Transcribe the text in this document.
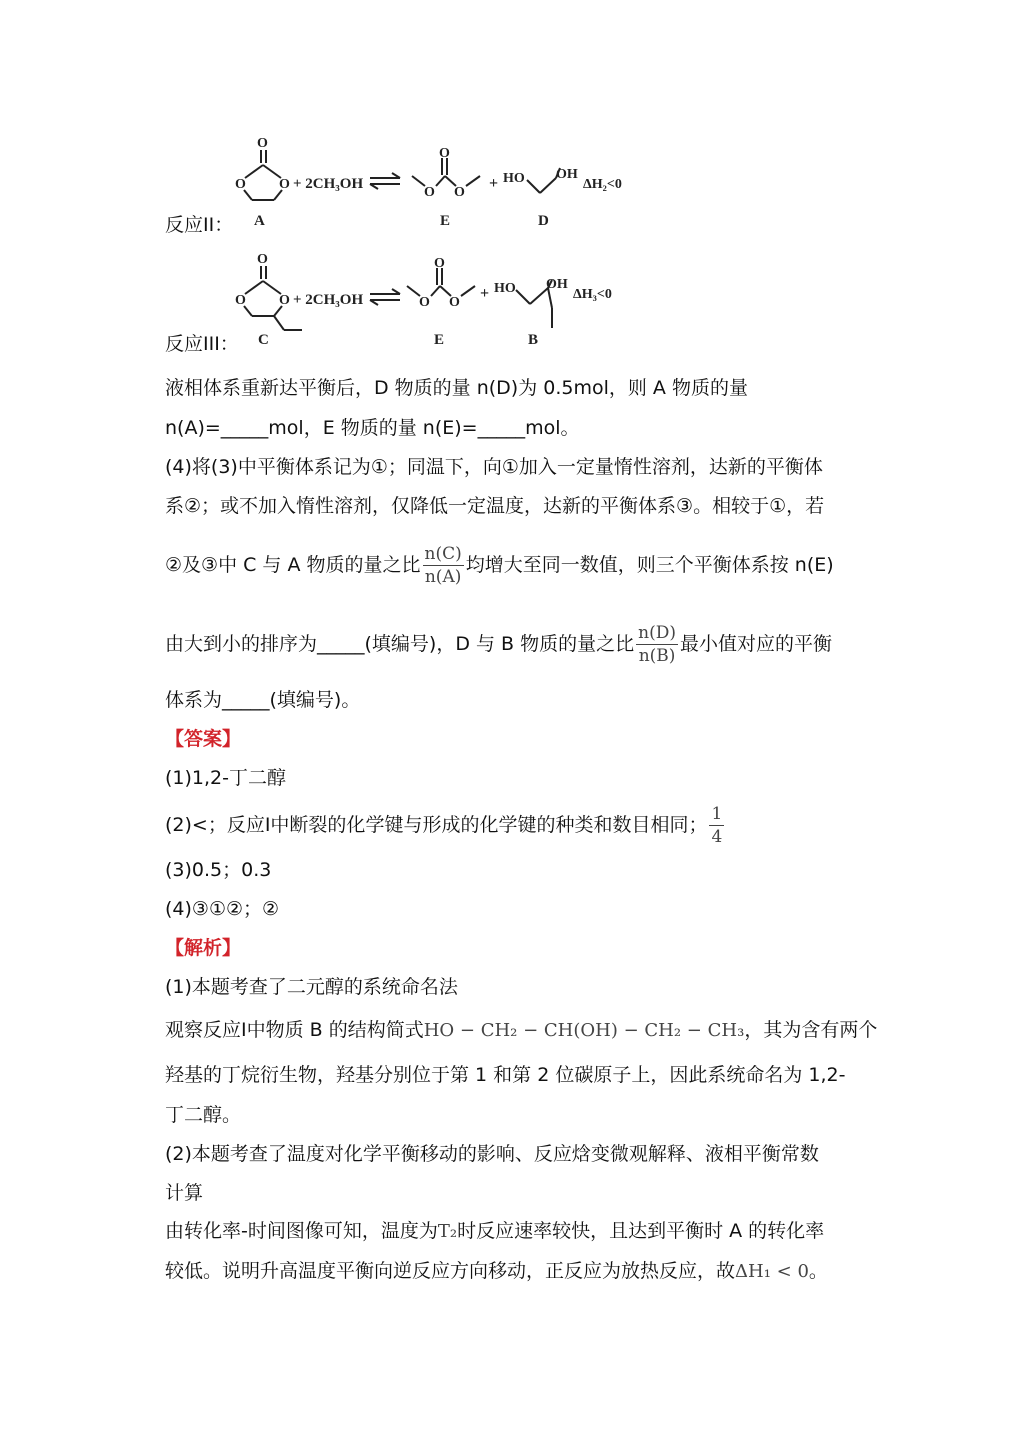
O
O O
A
+ 2CH₃OH
O
O
O
E
+ HO OH
D
ΔH₂<0
反应II：
O
O O
C
+ 2CH₃OH	O
O
O
E
+ HO OH
B
ΔH₃<0
反应III：
液相体系重新达平衡后，D 物质的量 n(D)为 0.5mol，则 A 物质的量
n(A)=_____mol，E 物质的量 n(E)=_____mol。
(4)将(3)中平衡体系记为①；同温下，向①加入一定量惰性溶剂，达新的平衡体
系②；或不加入惰性溶剂，仅降低一定温度，达新的平衡体系③。相较于①，若
②及③中 C 与 A 物质的量之比 $\frac{n(C)}{n(A)}$ 均增大至同一数值，则三个平衡体系按 n(E)
由大到小的排序为_____(填编号)，D 与 B 物质的量之比 $\frac{n(D)}{n(B)}$ 最小值对应的平衡
体系为_____(填编号)。
【答案】
(1)1,2-丁二醇
(2)<；反应I中断裂的化学键与形成的化学键的种类和数目相同； $\frac{1}{4}$
(3)0.5；0.3
(4)③①②；②
【解析】
(1)本题考查了二元醇的系统命名法
观察反应I中物质 B 的结构简式HO − CH₂ − CH(OH) − CH₂ − CH₃，其为含有两个
羟基的丁烷衍生物，羟基分别位于第 1 和第 2 位碳原子上，因此系统命名为 1,2-
丁二醇。
(2)本题考查了温度对化学平衡移动的影响、反应焓变微观解释、液相平衡常数
计算
由转化率-时间图像可知，温度为T₂时反应速率较快，且达到平衡时 A 的转化率
较低。说明升高温度平衡向逆反应方向移动，正反应为放热反应，故ΔH₁ < 0。
